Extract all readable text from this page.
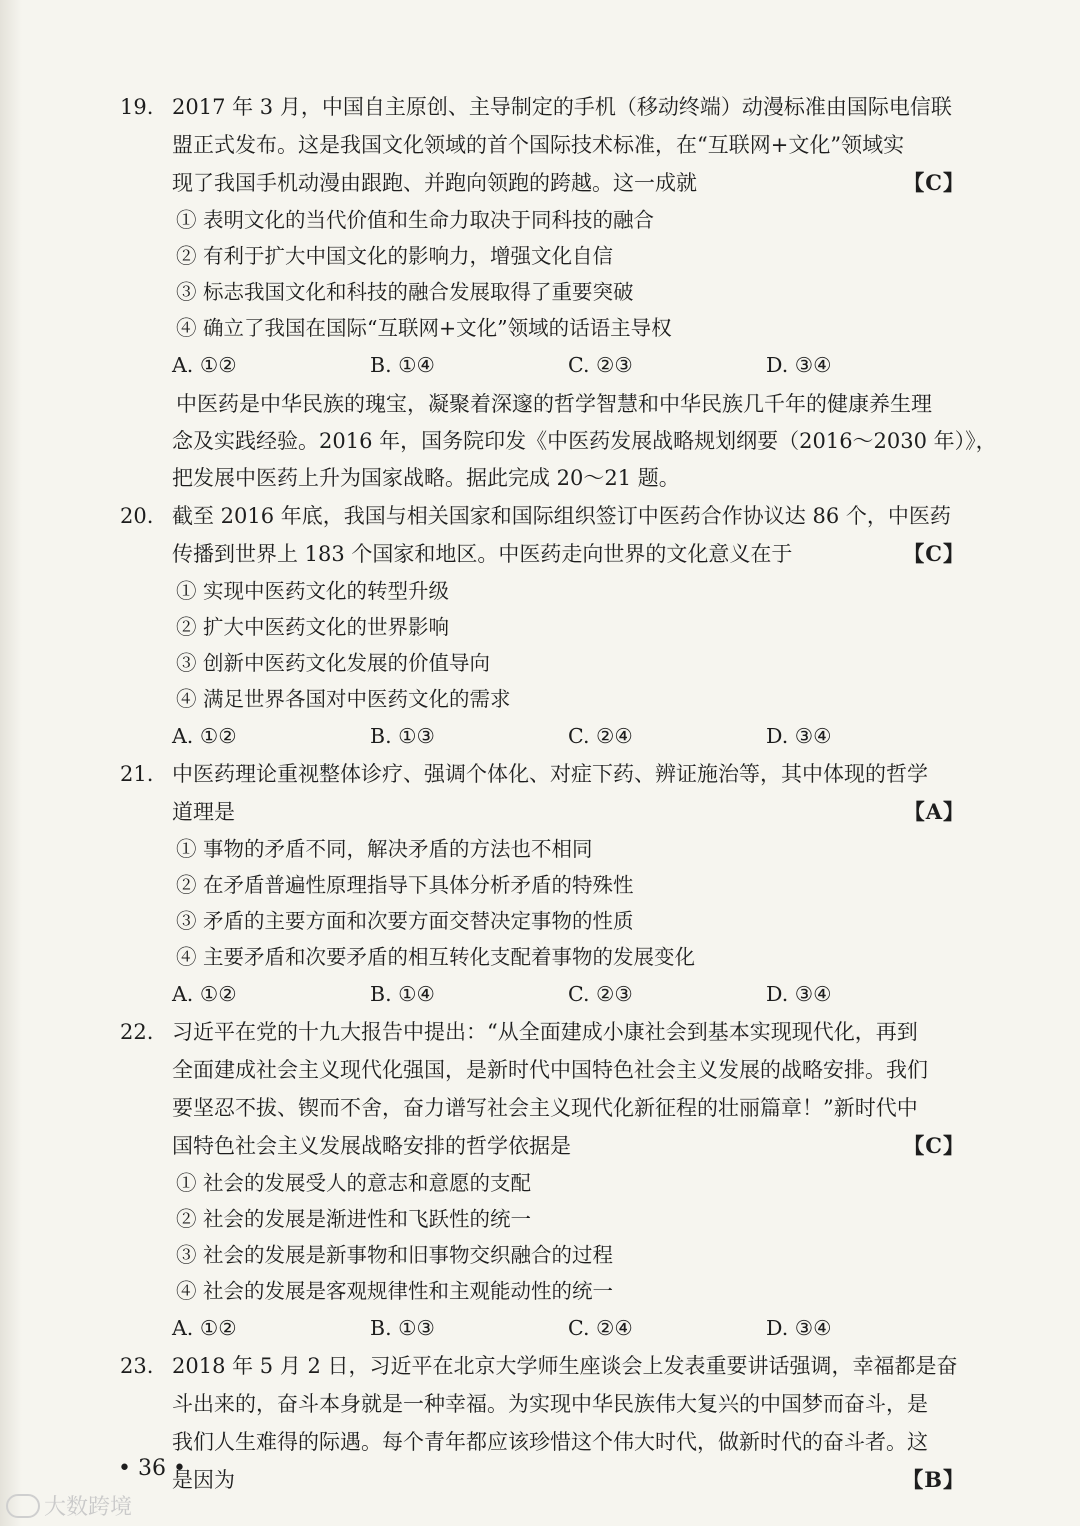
19. 2017 年 3 月，中国自主原创、主导制定的手机（移动终端）动漫标准由国际电信联
盟正式发布。这是我国文化领域的首个国际技术标准，在“互联网+文化”领域实
现了我国手机动漫由跟跑、并跑向领跑的跨越。这一成就	【C】
① 表明文化的当代价值和生命力取决于同科技的融合
② 有利于扩大中国文化的影响力，增强文化自信
③ 标志我国文化和科技的融合发展取得了重要突破
④ 确立了我国在国际“互联网+文化”领域的话语主导权
A. ①②	B. ①④	C. ②③	D. ③④
中医药是中华民族的瑰宝，凝聚着深邃的哲学智慧和中华民族几千年的健康养生理
念及实践经验。2016 年，国务院印发《中医药发展战略规划纲要（2016～2030 年）》，
把发展中医药上升为国家战略。据此完成 20～21 题。
20. 截至 2016 年底，我国与相关国家和国际组织签订中医药合作协议达 86 个，中医药
传播到世界上 183 个国家和地区。中医药走向世界的文化意义在于	【C】
① 实现中医药文化的转型升级
② 扩大中医药文化的世界影响
③ 创新中医药文化发展的价值导向
④ 满足世界各国对中医药文化的需求
A. ①②	B. ①③	C. ②④	D. ③④
21. 中医药理论重视整体诊疗、强调个体化、对症下药、辨证施治等，其中体现的哲学
道理是	【A】
① 事物的矛盾不同，解决矛盾的方法也不相同
② 在矛盾普遍性原理指导下具体分析矛盾的特殊性
③ 矛盾的主要方面和次要方面交替决定事物的性质
④ 主要矛盾和次要矛盾的相互转化支配着事物的发展变化
A. ①②	B. ①④	C. ②③	D. ③④
22. 习近平在党的十九大报告中提出：“从全面建成小康社会到基本实现现代化，再到
全面建成社会主义现代化强国，是新时代中国特色社会主义发展的战略安排。我们
要坚忍不拔、锲而不舍，奋力谱写社会主义现代化新征程的壮丽篇章！”新时代中
国特色社会主义发展战略安排的哲学依据是	【C】
① 社会的发展受人的意志和意愿的支配
② 社会的发展是渐进性和飞跃性的统一
③ 社会的发展是新事物和旧事物交织融合的过程
④ 社会的发展是客观规律性和主观能动性的统一
A. ①②	B. ①③	C. ②④	D. ③④
23. 2018 年 5 月 2 日，习近平在北京大学师生座谈会上发表重要讲话强调，幸福都是奋
斗出来的，奋斗本身就是一种幸福。为实现中华民族伟大复兴的中国梦而奋斗，是
我们人生难得的际遇。每个青年都应该珍惜这个伟大时代，做新时代的奋斗者。这
是因为	【B】
• 36 •
大数跨境
